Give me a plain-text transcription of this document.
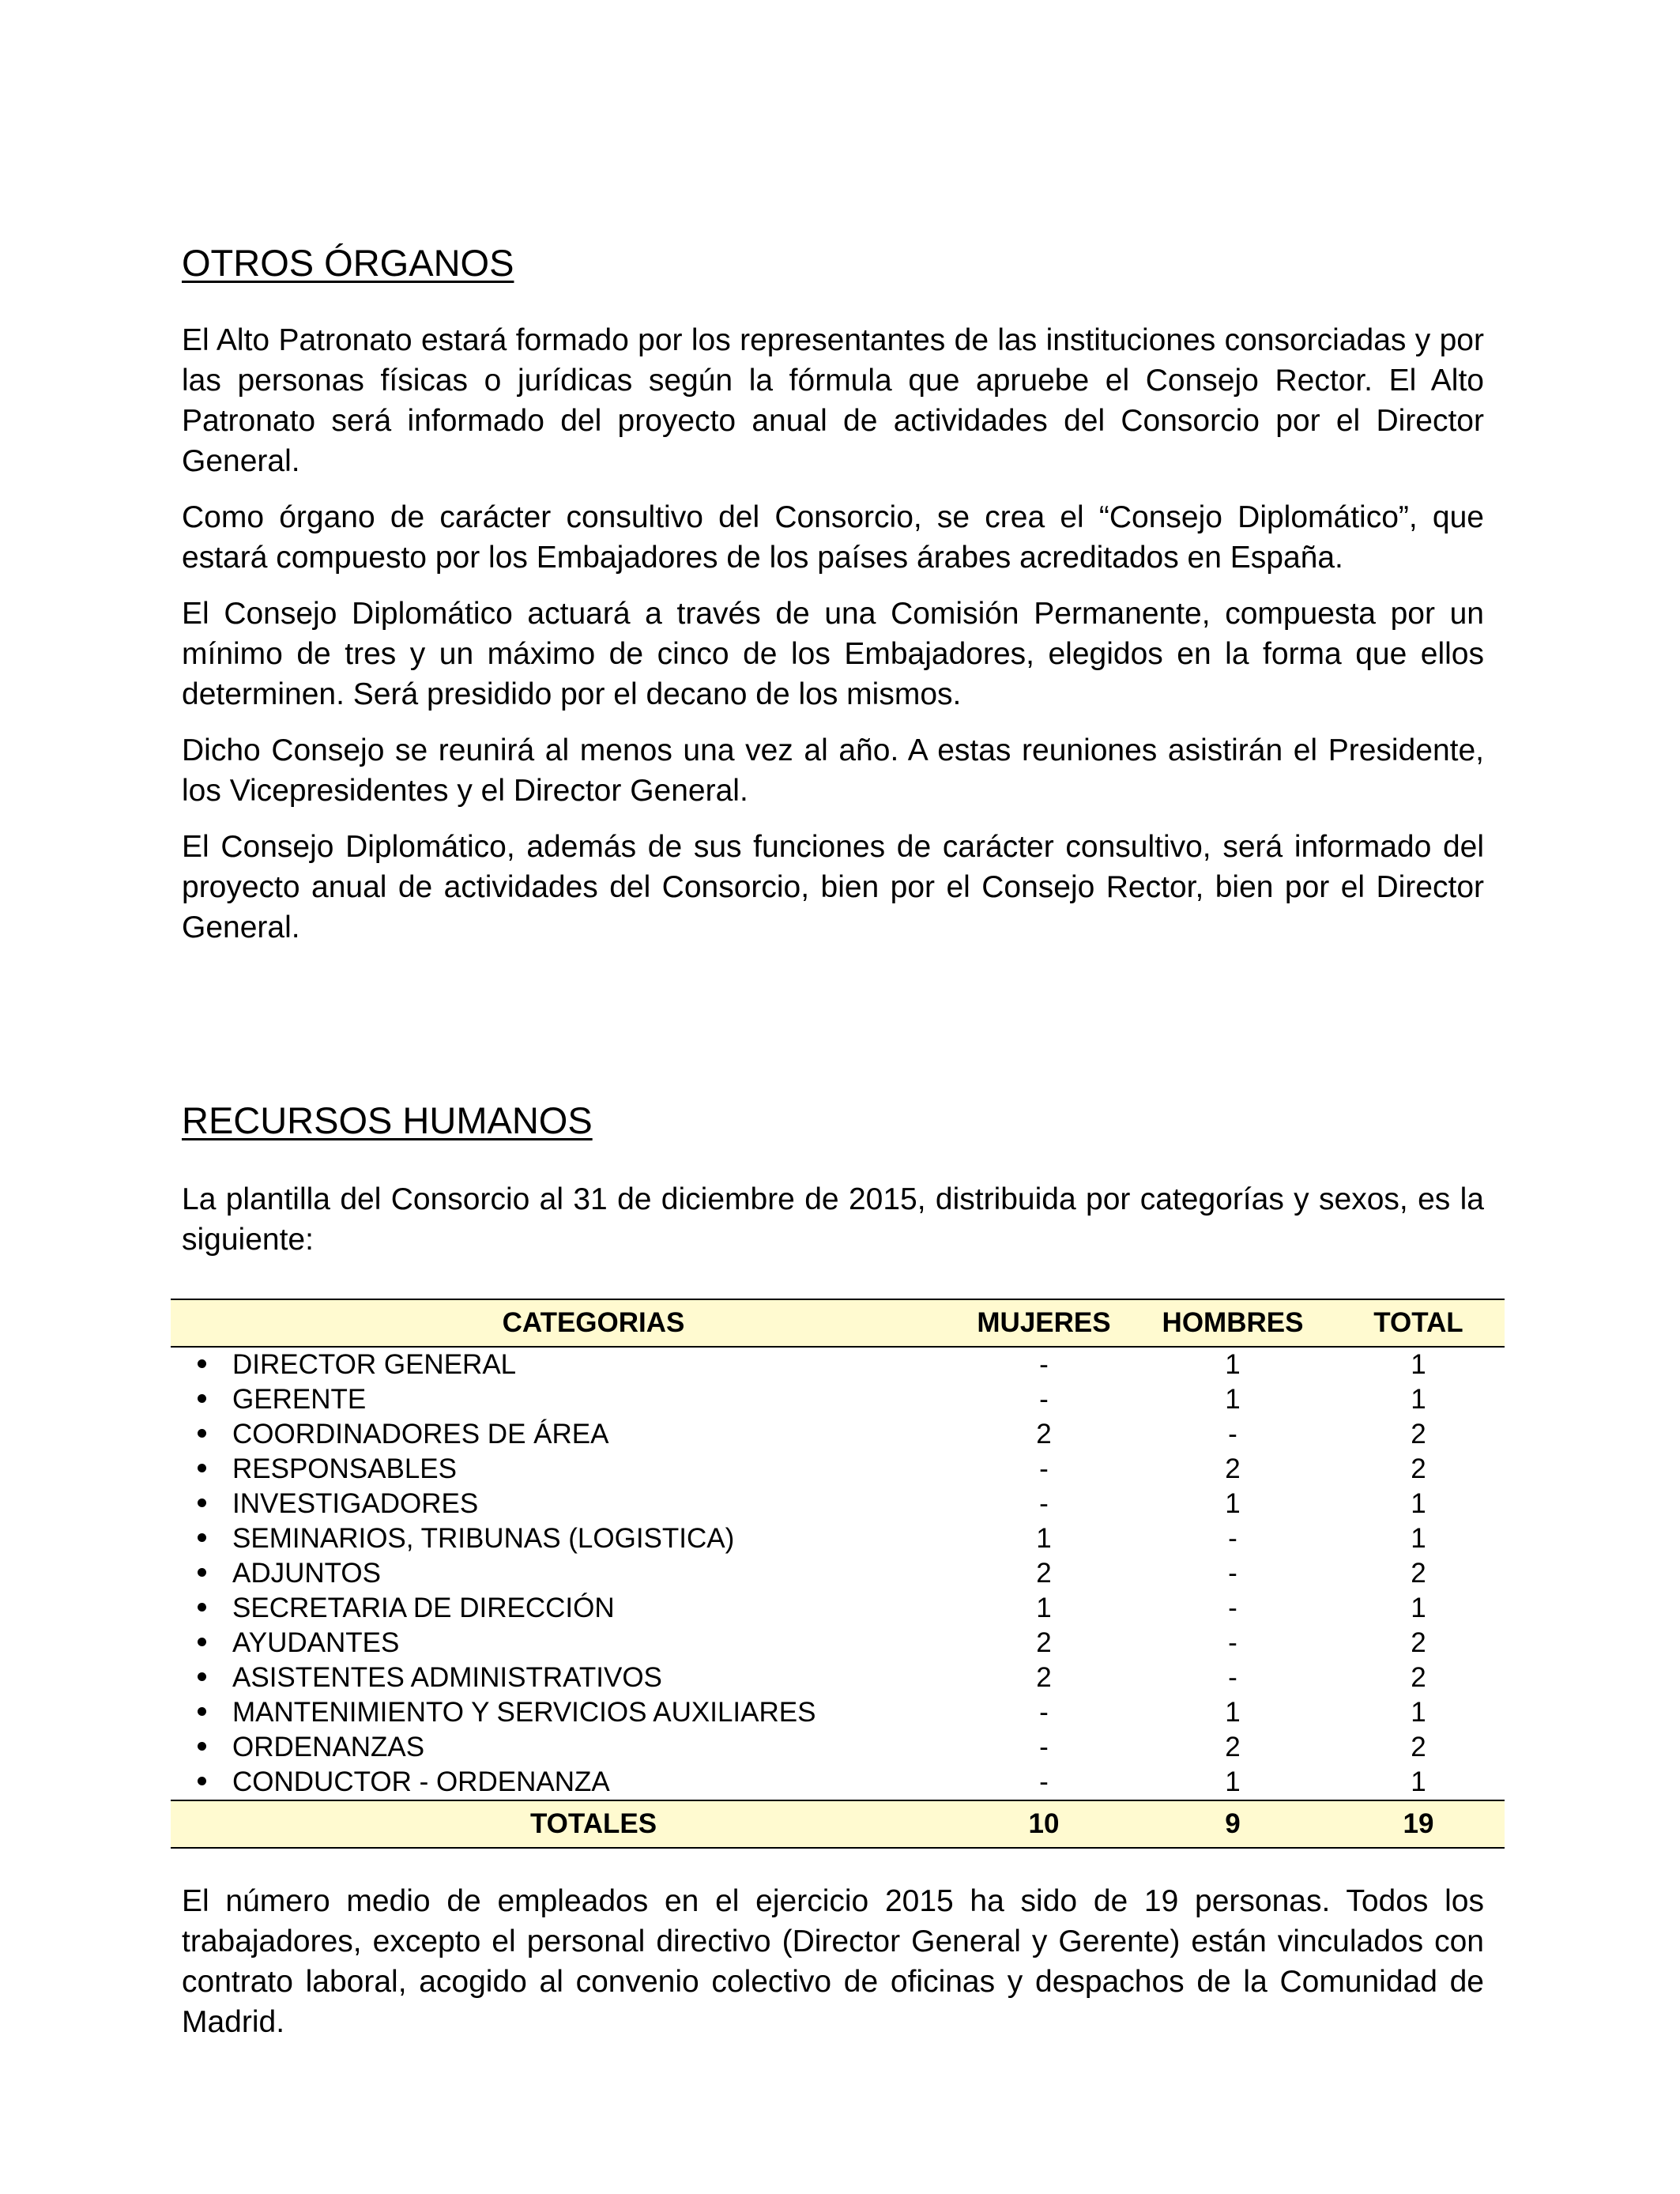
OTROS ÓRGANOS

El Alto Patronato estará formado por los representantes de las instituciones consorciadas y por las personas físicas o jurídicas según la fórmula que apruebe el Consejo Rector. El Alto Patronato será informado del proyecto anual de actividades del Consorcio por el Director General.

Como órgano de carácter consultivo del Consorcio, se crea el “Consejo Diplomático”, que estará compuesto por los Embajadores de los países árabes acreditados en España.

El Consejo Diplomático actuará a través de una Comisión Permanente, compuesta por un mínimo de tres y un máximo de cinco de los Embajadores, elegidos en la forma que ellos determinen. Será presidido por el decano de los mismos.

Dicho Consejo se reunirá al menos una vez al año. A estas reuniones asistirán el Presidente, los Vicepresidentes y el Director General.

El Consejo Diplomático, además de sus funciones de carácter consultivo, será informado del proyecto anual de actividades del Consorcio, bien por el Consejo Rector, bien por el Director General.

RECURSOS HUMANOS

La plantilla del Consorcio al 31 de diciembre de 2015, distribuida por categorías y sexos, es la siguiente:

	CATEGORIAS	MUJERES	HOMBRES	TOTAL
	DIRECTOR GENERAL	-	1	1
	GERENTE	-	1	1
	COORDINADORES DE ÁREA	2	-	2
	RESPONSABLES	-	2	2
	INVESTIGADORES	-	1	1
	SEMINARIOS, TRIBUNAS (LOGISTICA)	1	-	1
	ADJUNTOS	2	-	2
	SECRETARIA DE DIRECCIÓN	1	-	1
	AYUDANTES	2	-	2
	ASISTENTES ADMINISTRATIVOS	2	-	2
	MANTENIMIENTO Y SERVICIOS AUXILIARES	-	1	1
	ORDENANZAS	-	2	2
	CONDUCTOR - ORDENANZA	-	1	1
	TOTALES	10	9	19

El número medio de empleados en el ejercicio 2015 ha sido de 19 personas. Todos los trabajadores, excepto el personal directivo (Director General y Gerente) están vinculados con contrato laboral, acogido al convenio colectivo de oficinas y despachos de la Comunidad de Madrid.
